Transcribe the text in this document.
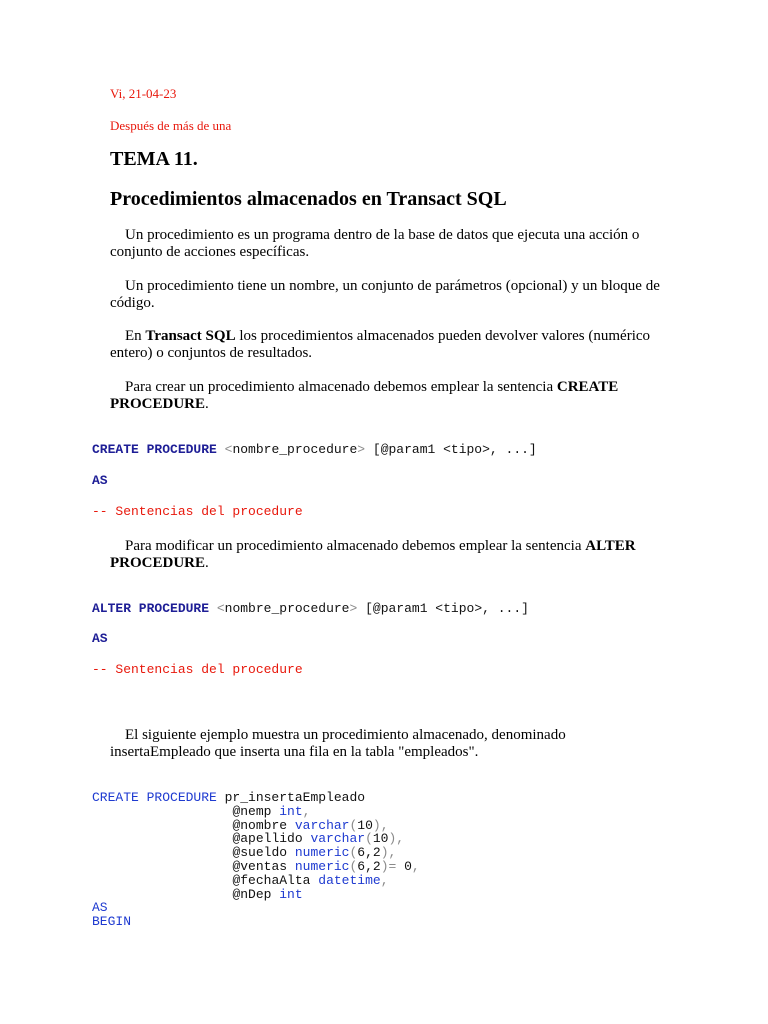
Vi, 21-04-23
Después de más de una
TEMA 11.
Procedimientos almacenados en Transact SQL
Un procedimiento es un programa dentro de la base de datos que ejecuta una acción o conjunto de acciones específicas.
Un procedimiento tiene un nombre, un conjunto de parámetros (opcional) y un bloque de código.
En Transact SQL los procedimientos almacenados pueden devolver valores (numérico entero) o conjuntos de resultados.
Para crear un procedimiento almacenado debemos emplear la sentencia CREATE PROCEDURE.
CREATE PROCEDURE <nombre_procedure> [@param1 <tipo>, ...]
AS
-- Sentencias del procedure
Para modificar un procedimiento almacenado debemos emplear la sentencia ALTER PROCEDURE.
ALTER PROCEDURE <nombre_procedure> [@param1 <tipo>, ...]
AS
-- Sentencias del procedure
El siguiente ejemplo muestra un procedimiento almacenado, denominado insertaEmpleado que inserta una fila en la tabla "empleados".
CREATE PROCEDURE pr_insertaEmpleado
@nemp int,
@nombre varchar(10),
@apellido varchar(10),
@sueldo numeric(6,2),
@ventas numeric(6,2)= 0,
@fechaAlta datetime,
@nDep int
AS
BEGIN
